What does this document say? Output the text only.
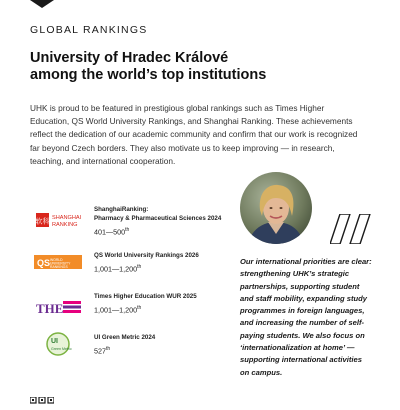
GLOBAL RANKINGS
University of Hradec Králové
among the world’s top institutions
UHK is proud to be featured in prestigious global rankings such as Times Higher Education, QS World University Rankings, and Shanghai Ranking. These achievements reflect the dedication of our academic community and confirm that our work is recognized far beyond Czech borders. They also motivate us to keep improving — in research, teaching, and international cooperation.
软科 SHANGHAI
RANKING
ShanghaiRanking:
Pharmacy & Pharmaceutical Sciences 2024
401—500th
QS WORLD
UNIVERSITY
RANKINGS
QS World University Rankings 2026
1,001—1,200th
THE
Times Higher Education WUR 2025
1,001—1,200th
UI
Green Metric
UI Green Metric 2024
527th
Our international priorities are clear: strengthening UHK’s strategic partnerships, supporting student and staff mobility, expanding study programmes in foreign languages, and increasing the number of self-paying students. We also focus on ‘internationalization at home’ — supporting international activities on campus.
